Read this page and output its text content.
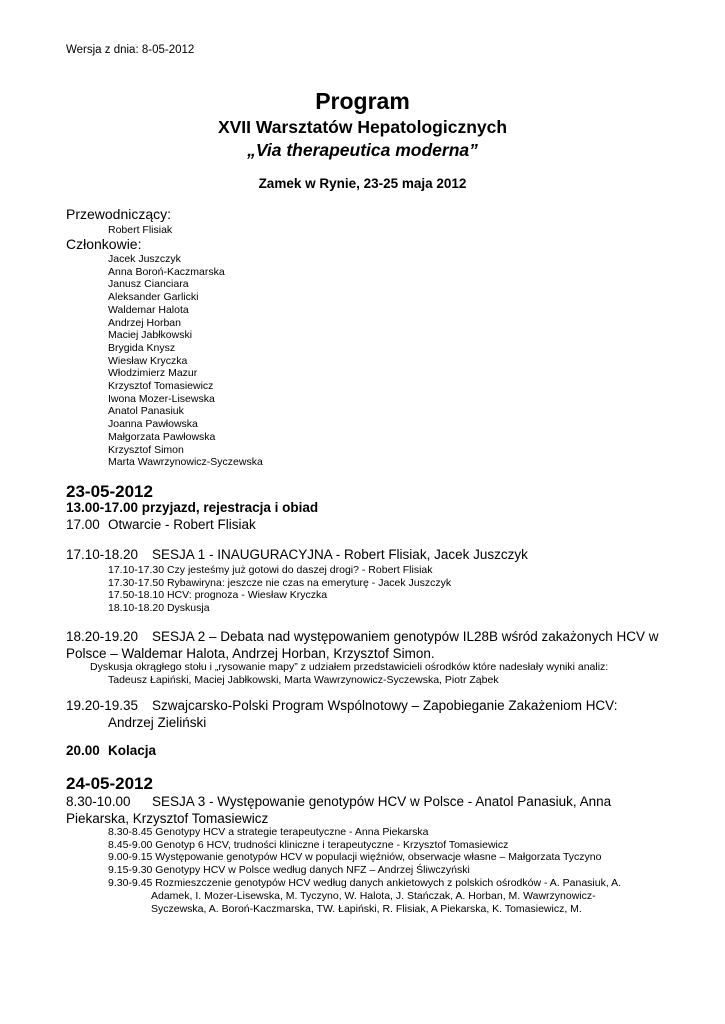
Wersja z dnia: 8-05-2012
Program
XVII Warsztatów Hepatologicznych
„Via therapeutica moderna”
Zamek w Rynie, 23-25 maja 2012
Przewodniczący:
Robert Flisiak
Członkowie:
Jacek Juszczyk
Anna Boroń-Kaczmarska
Janusz Cianciara
Aleksander Garlicki
Waldemar Halota
Andrzej Horban
Maciej Jabłkowski
Brygida Knysz
Wiesław Kryczka
Włodzimierz Mazur
Krzysztof Tomasiewicz
Iwona Mozer-Lisewska
Anatol Panasiuk
Joanna Pawłowska
Małgorzata Pawłowska
Krzysztof Simon
Marta Wawrzynowicz-Syczewska
23-05-2012
13.00-17.00 przyjazd, rejestracja i obiad
17.00 Otwarcie - Robert Flisiak
17.10-18.20 SESJA 1 - INAUGURACYJNA - Robert Flisiak, Jacek Juszczyk
17.10-17.30 Czy jesteśmy już gotowi do daszej drogi? - Robert Flisiak
17.30-17.50 Rybawiryna: jeszcze nie czas na emeryturę - Jacek Juszczyk
17.50-18.10 HCV: prognoza - Wiesław Kryczka
18.10-18.20 Dyskusja
18.20-19.20 SESJA 2 – Debata nad występowaniem genotypów IL28B wśród zakażonych HCV w
Polsce – Waldemar Halota, Andrzej Horban, Krzysztof Simon.
Dyskusja okrągłego stołu i „rysowanie mapy” z udziałem przedstawicieli ośrodków które nadesłały wyniki analiz:
Tadeusz Łapiński, Maciej Jabłkowski, Marta Wawrzynowicz-Syczewska, Piotr Ząbek
19.20-19.35 Szwajcarsko-Polski Program Wspólnotowy – Zapobieganie Zakażeniom HCV:
Andrzej Zieliński
20.00 Kolacja
24-05-2012
8.30-10.00 SESJA 3 - Występowanie genotypów HCV w Polsce - Anatol Panasiuk, Anna
Piekarska, Krzysztof Tomasiewicz
8.30-8.45 Genotypy HCV a strategie terapeutyczne - Anna Piekarska
8.45-9.00 Genotyp 6 HCV, trudności kliniczne i terapeutyczne - Krzysztof Tomasiewicz
9.00-9.15 Występowanie genotypów HCV w populacji więźniów, obserwacje własne – Małgorzata Tyczyno
9.15-9.30 Genotypy HCV w Polsce według danych NFZ – Andrzej Śliwczyński
9.30-9.45 Rozmieszczenie genotypów HCV według danych ankietowych z polskich ośrodków - A. Panasiuk, A.
Adamek, I. Mozer-Lisewska, M. Tyczyno, W. Halota, J. Stańczak, A. Horban, M. Wawrzynowicz-
Syczewska, A. Boroń-Kaczmarska, TW. Łapiński, R. Flisiak, A Piekarska, K. Tomasiewicz, M.
